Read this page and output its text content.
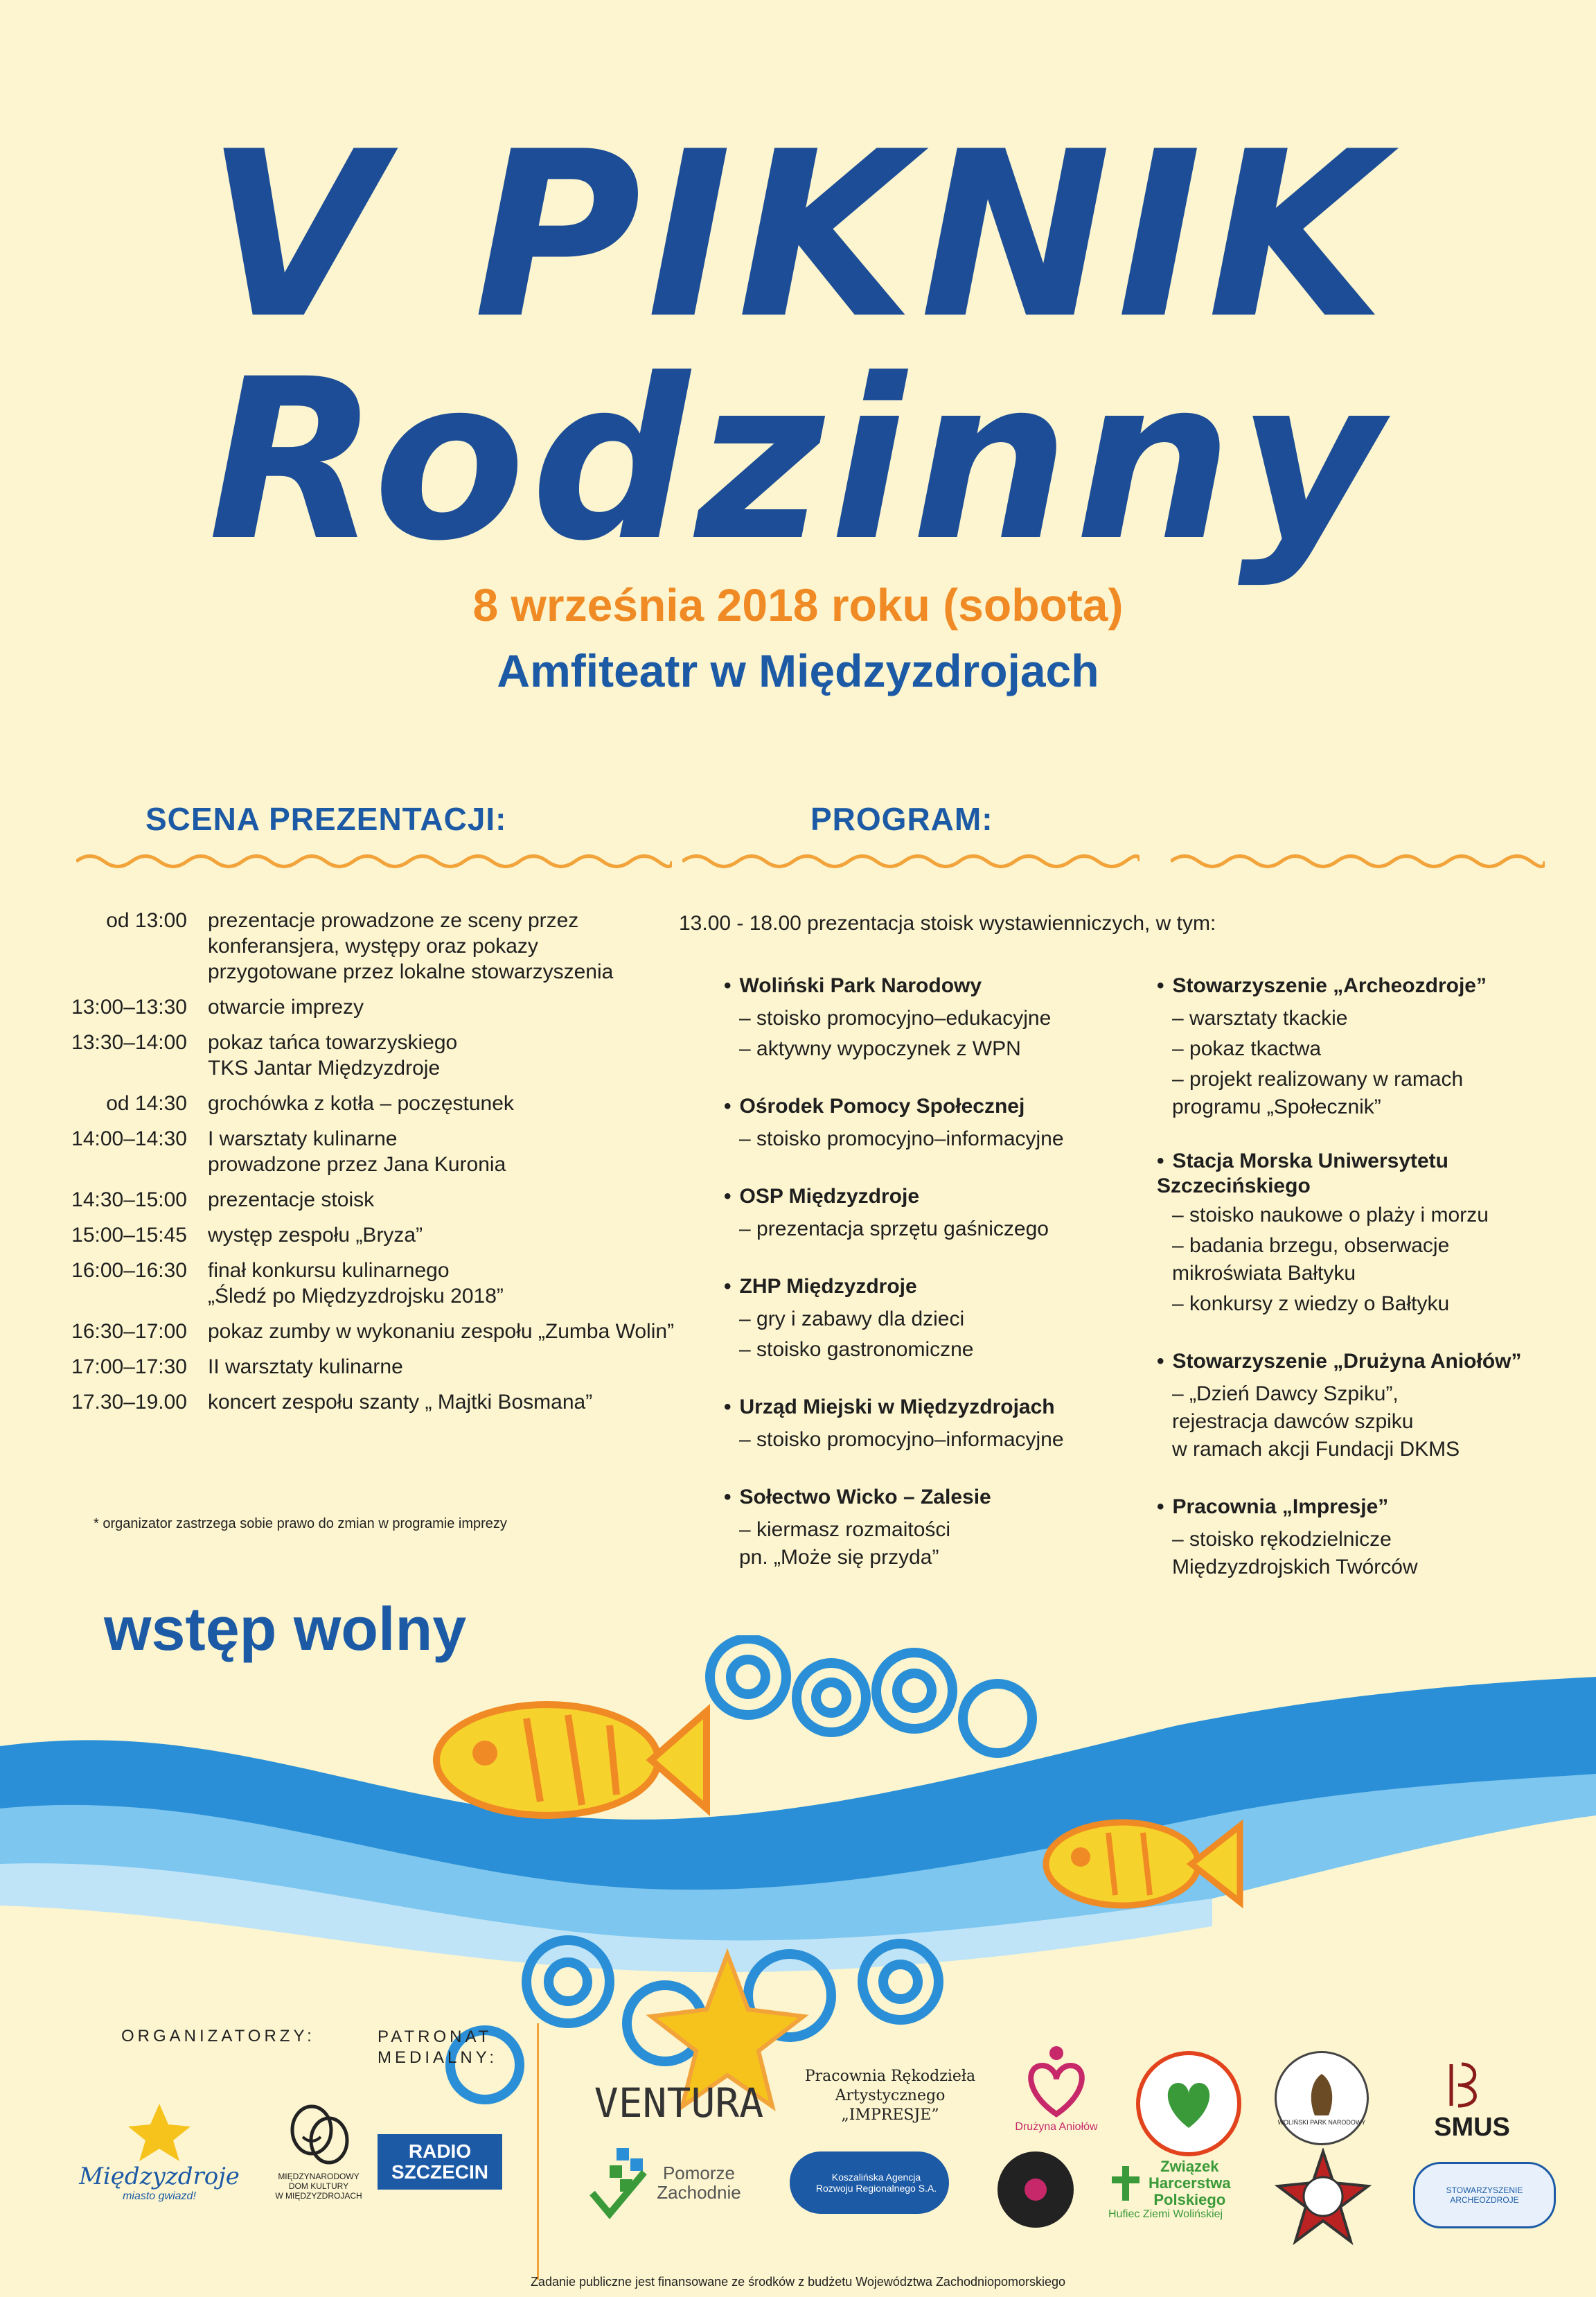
V PIKNIK
Rodzinny
8 września 2018 roku (sobota)
Amfiteatr w Międzyzdrojach
SCENA PREZENTACJI:	PROGRAM:
od 13:00	prezentacje prowadzone ze sceny przez
konferansjera, występy oraz pokazy
przygotowane przez lokalne stowarzyszenia
13:00–13:30	otwarcie imprezy
13:30–14:00	pokaz tańca towarzyskiego
TKS Jantar Międzyzdroje
od 14:30	grochówka z kotła – poczęstunek
14:00–14:30	I warsztaty kulinarne
prowadzone przez Jana Kuronia
14:30–15:00	prezentacje stoisk
15:00–15:45	występ zespołu „Bryza”
16:00–16:30	finał konkursu kulinarnego
„Śledź po Międzyzdrojsku 2018”
16:30–17:00	pokaz zumby w wykonaniu zespołu „Zumba Wolin”
17:00–17:30	II warsztaty kulinarne
17.30–19.00	koncert zespołu szanty „ Majtki Bosmana”
* organizator zastrzega sobie prawo do zmian w programie imprezy
wstęp wolny
13.00 - 18.00 prezentacja stoisk wystawienniczych, w tym:
• Woliński Park Narodowy
– stoisko promocyjno–edukacyjne
– aktywny wypoczynek z WPN
• Ośrodek Pomocy Społecznej
– stoisko promocyjno–informacyjne
• OSP Międzyzdroje
– prezentacja sprzętu gaśniczego
• ZHP Międzyzdroje
– gry i zabawy dla dzieci
– stoisko gastronomiczne
• Urząd Miejski w Międzyzdrojach
– stoisko promocyjno–informacyjne
• Sołectwo Wicko – Zalesie
– kiermasz rozmaitości
pn. „Może się przyda”
• Stowarzyszenie „Archeozdroje”
– warsztaty tkackie
– pokaz tkactwa
– projekt realizowany w ramach
programu „Społecznik”
• Stacja Morska Uniwersytetu
Szczecińskiego
– stoisko naukowe o plaży i morzu
– badania brzegu, obserwacje
mikroświata Bałtyku
– konkursy z wiedzy o Bałtyku
• Stowarzyszenie „Drużyna Aniołów”
– „Dzień Dawcy Szpiku”,
rejestracja dawców szpiku
w ramach akcji Fundacji DKMS
• Pracownia „Impresje”
– stoisko rękodzielnicze
Międzyzdrojskich Twórców
ORGANIZATORZY:	PATRONAT
MEDIALNY:
Międzyzdroje
miasto gwiazd!
MIĘDZYNARODOWY
DOM KULTURY
W MIĘDZYZDROJACH
RADIO
SZCZECIN
VENTURA
Pracownia Rękodzieła
Artystycznego
„IMPRESJE”
Drużyna Aniołów	WOLIŃSKI PARK NARODOWY	SMUS
Pomorze
Zachodnie
Koszalińska Agencja
Rozwoju Regionalnego S.A.
Związek
Harcerstwa
Polskiego
Hufiec Ziemi Wolińskiej
STOWARZYSZENIE ARCHEOZDROJE
Zadanie publiczne jest finansowane ze środków z budżetu Województwa Zachodniopomorskiego
